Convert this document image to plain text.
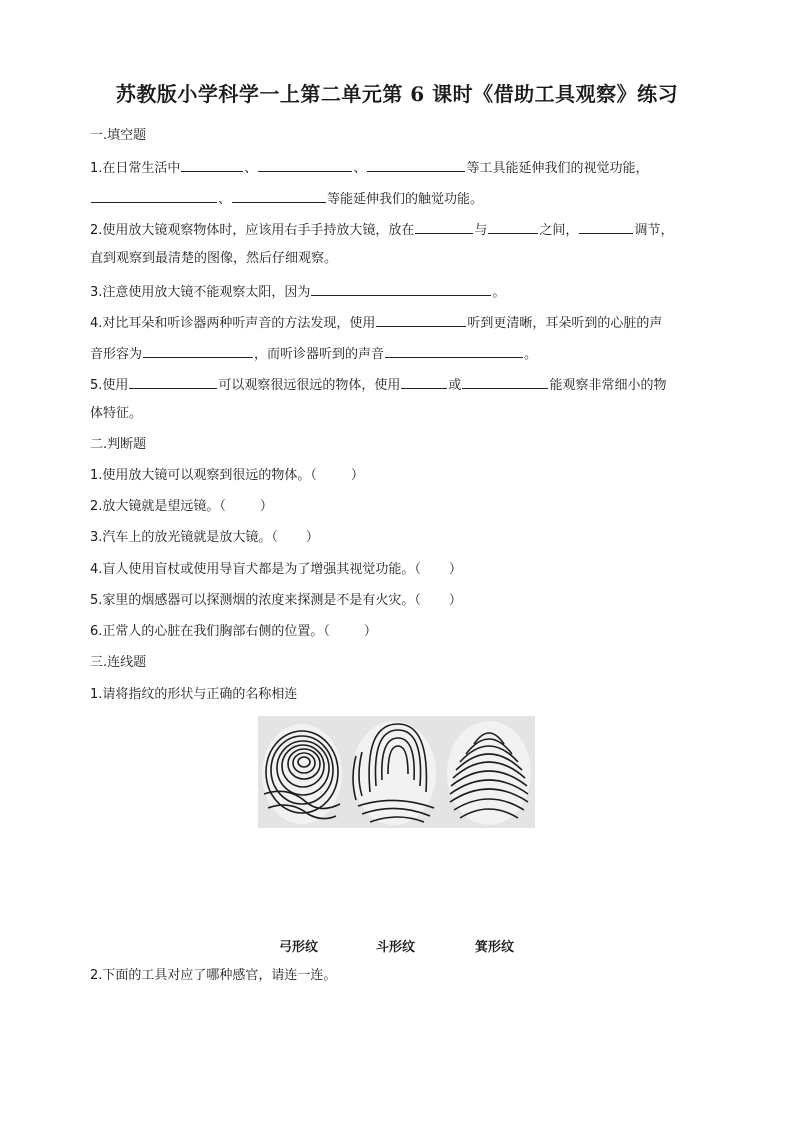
苏教版小学科学一上第二单元第 6 课时《借助工具观察》练习
一.填空题
1.在日常生活中	、	、	等工具能延伸我们的视觉功能，
、	等能延伸我们的触觉功能。
2.使用放大镜观察物体时，应该用右手手持放大镜，放在	与	之间，	调节，
直到观察到最清楚的图像，然后仔细观察。
3.注意使用放大镜不能观察太阳，因为	。
4.对比耳朵和听诊器两种听声音的方法发现，使用	听到更清晰，耳朵听到的心脏的声
音形容为	，而听诊器听到的声音	。
5.使用	可以观察很远很远的物体，使用	或	能观察非常细小的物
体特征。
二.判断题
1.使用放大镜可以观察到很远的物体。（	）
2.放大镜就是望远镜。（	）
3.汽车上的放光镜就是放大镜。（ ）
4.盲人使用盲杖或使用导盲犬都是为了增强其视觉功能。（ ）
5.家里的烟感器可以探测烟的浓度来探测是不是有火灾。（ ）
6.正常人的心脏在我们胸部右侧的位置。（	）
三.连线题
1.请将指纹的形状与正确的名称相连
弓形纹	斗形纹	箕形纹
2.下面的工具对应了哪种感官，请连一连。
